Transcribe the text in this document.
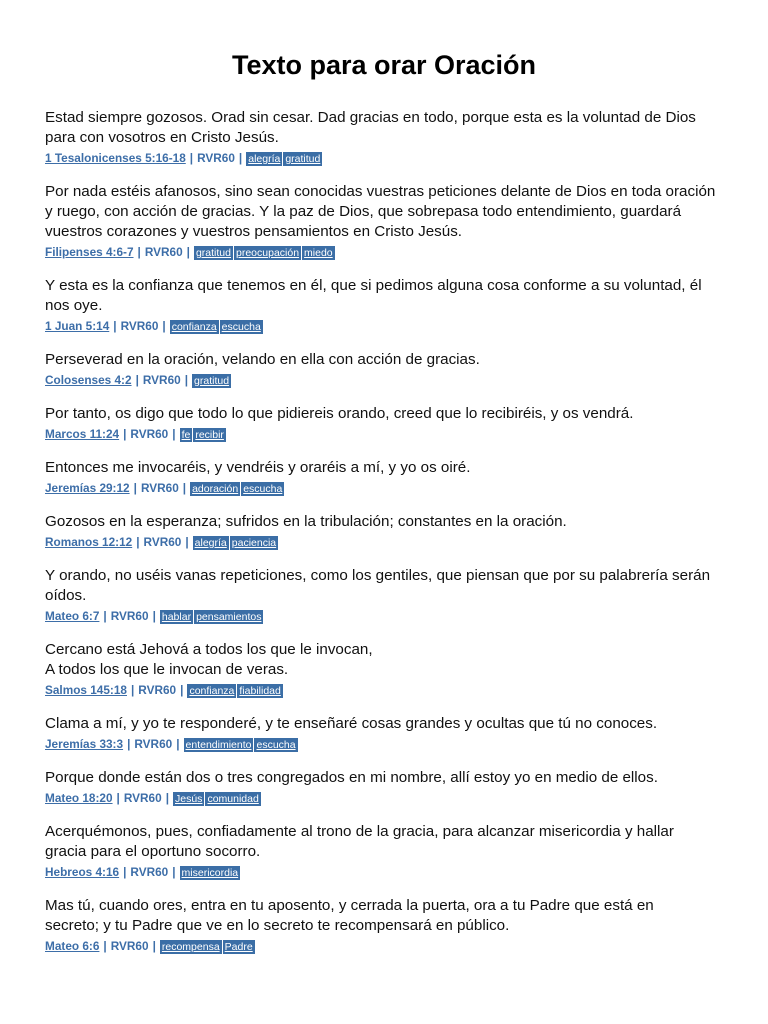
Texto para orar Oración

Estad siempre gozosos. Orad sin cesar. Dad gracias en todo, porque esta es la voluntad de Dios
para con vosotros en Cristo Jesús.

1 Tesalonicenses 5:16-18 | RVR60 | alegría gratitud

Por nada estéis afanosos, sino sean conocidas vuestras peticiones delante de Dios en toda oración
y ruego, con acción de gracias. Y la paz de Dios, que sobrepasa todo entendimiento, guardará
vuestros corazones y vuestros pensamientos en Cristo Jesús.

Filipenses 4:6-7 | RVR60 | gratitud preocupación miedo

Y esta es la confianza que tenemos en él, que si pedimos alguna cosa conforme a su voluntad, él
nos oye.

1 Juan 5:14 | RVR60 | confianza escucha

Perseverad en la oración, velando en ella con acción de gracias.

Colosenses 4:2 | RVR60 | gratitud

Por tanto, os digo que todo lo que pidiereis orando, creed que lo recibiréis, y os vendrá.

Marcos 11:24 | RVR60 | fe recibir

Entonces me invocaréis, y vendréis y oraréis a mí, y yo os oiré.

Jeremías 29:12 | RVR60 | adoración escucha

Gozosos en la esperanza; sufridos en la tribulación; constantes en la oración.

Romanos 12:12 | RVR60 | alegría paciencia

Y orando, no uséis vanas repeticiones, como los gentiles, que piensan que por su palabrería serán
oídos.

Mateo 6:7 | RVR60 | hablar pensamientos

Cercano está Jehová a todos los que le invocan,
A todos los que le invocan de veras.

Salmos 145:18 | RVR60 | confianza fiabilidad

Clama a mí, y yo te responderé, y te enseñaré cosas grandes y ocultas que tú no conoces.

Jeremías 33:3 | RVR60 | entendimiento escucha

Porque donde están dos o tres congregados en mi nombre, allí estoy yo en medio de ellos.

Mateo 18:20 | RVR60 | Jesús comunidad

Acerquémonos, pues, confiadamente al trono de la gracia, para alcanzar misericordia y hallar
gracia para el oportuno socorro.

Hebreos 4:16 | RVR60 | misericordia

Mas tú, cuando ores, entra en tu aposento, y cerrada la puerta, ora a tu Padre que está en
secreto; y tu Padre que ve en lo secreto te recompensará en público.

Mateo 6:6 | RVR60 | recompensa Padre
